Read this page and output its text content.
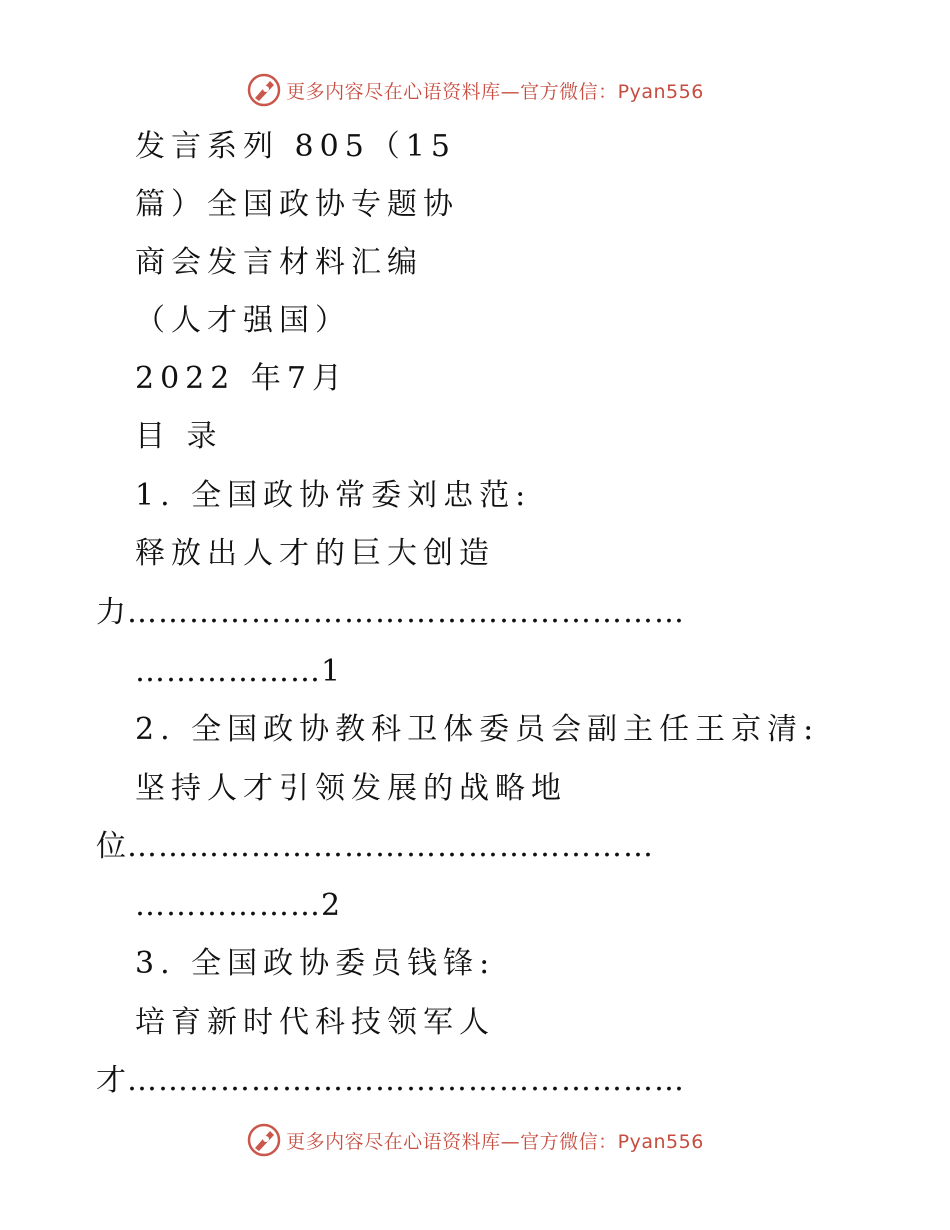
更多内容尽在心语资料库—官方微信：Pyan556
发言系列 805（15
篇）全国政协专题协
商会发言材料汇编
（人才强国）
2022 年7月
目 录
1. 全国政协常委刘忠范:
释放出人才的巨大创造
力………………………………………………
………………1
2. 全国政协教科卫体委员会副主任王京清:
坚持人才引领发展的战略地
位……………………………………………
………………2
3. 全国政协委员钱锋:
培育新时代科技领军人
才………………………………………………
更多内容尽在心语资料库—官方微信：Pyan556
